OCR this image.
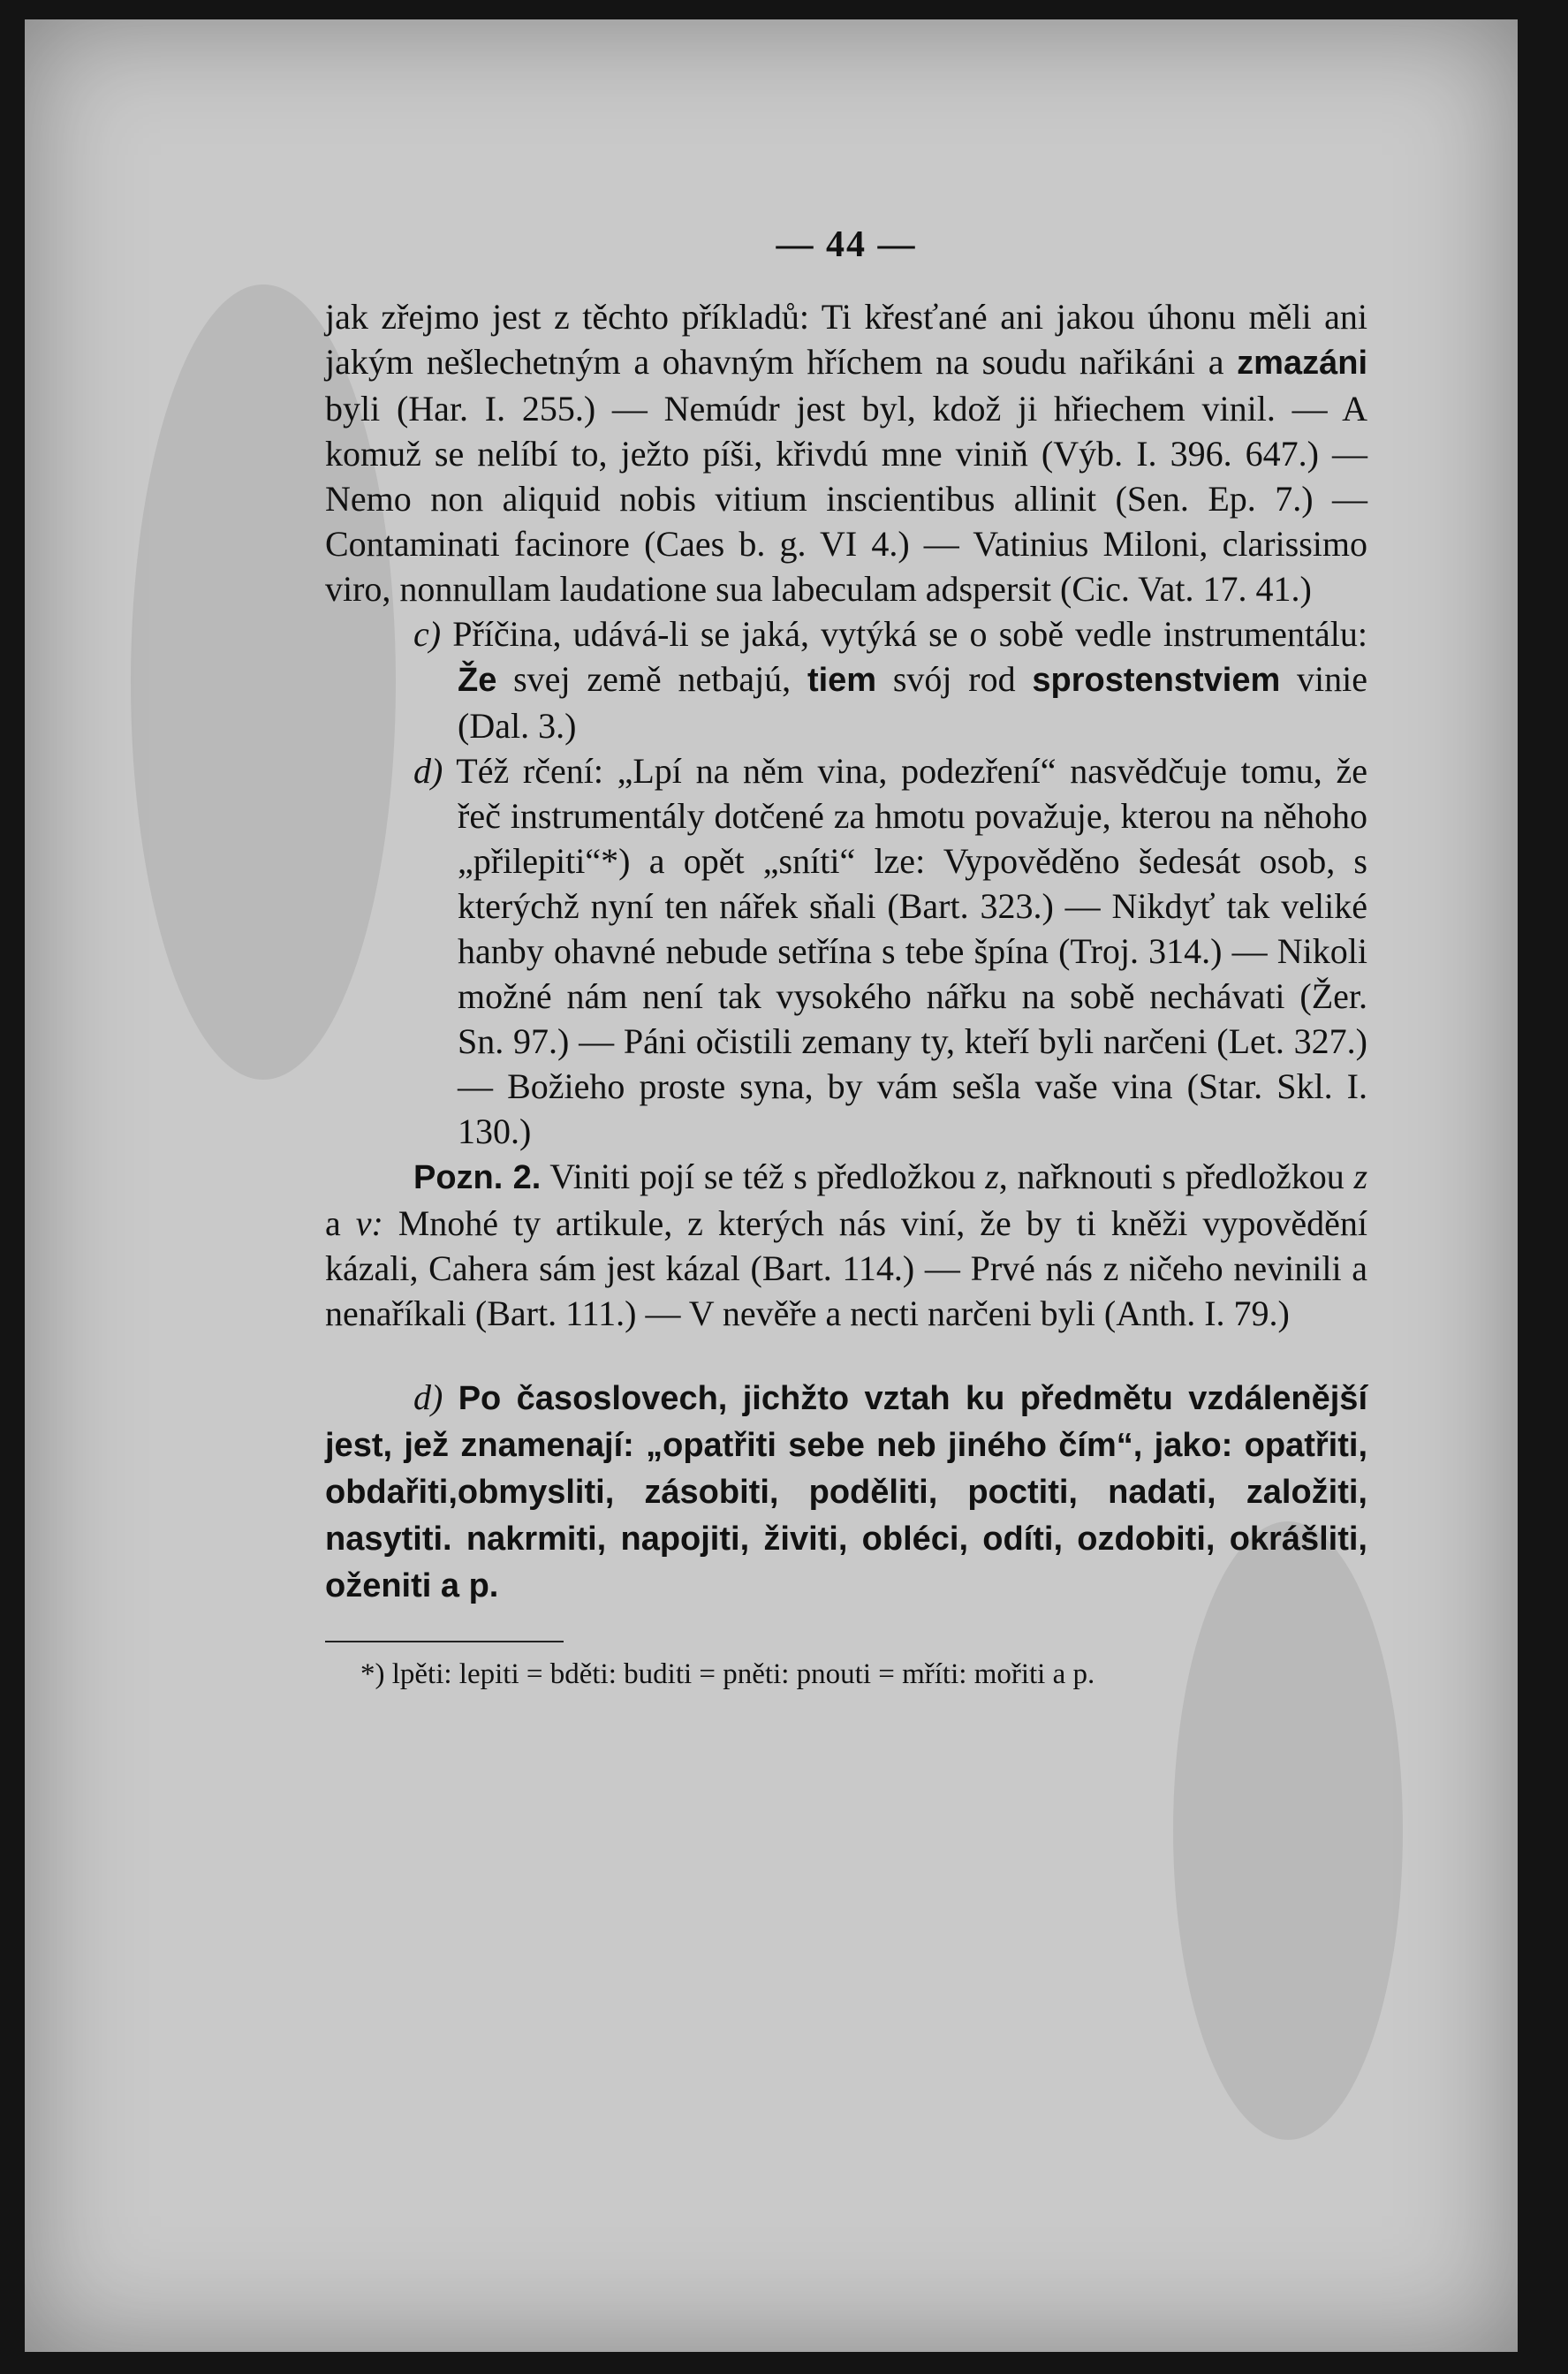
— 44 —

jak zřejmo jest z těchto příkladů: Ti křesťané ani jakou úhonu měli ani jakým nešlechetným a ohavným hříchem na soudu nařikáni a zmazáni byli (Har. I. 255.) — Nemúdr jest byl, kdož ji hřiechem vinil. — A komuž se nelíbí to, ježto píši, křivdú mne viniň (Výb. I. 396. 647.) — Nemo non aliquid nobis vitium inscientibus allinit (Sen. Ep. 7.) — Contaminati facinore (Caes b. g. VI 4.) — Vatinius Miloni, clarissimo viro, nonnullam laudatione sua labeculam adspersit (Cic. Vat. 17. 41.)

c) Příčina, udává-li se jaká, vytýká se o sobě vedle instrumentálu: Že svej země netbajú, tiem svój rod sprostenstviem vinie (Dal. 3.)

d) Též rčení: „Lpí na něm vina, podezření“ nasvědčuje tomu, že řeč instrumentály dotčené za hmotu považuje, kterou na něhoho „přilepiti“*) a opět „sníti“ lze: Vypověděno šedesát osob, s kterýchž nyní ten nářek sňali (Bart. 323.) — Nikdyť tak veliké hanby ohavné nebude setřína s tebe špína (Troj. 314.) — Nikoli možné nám není tak vysokého nářku na sobě nechávati (Žer. Sn. 97.) — Páni očistili zemany ty, kteří byli narčeni (Let. 327.) — Božieho proste syna, by vám sešla vaše vina (Star. Skl. I. 130.)

Pozn. 2. Viniti pojí se též s předložkou z, nařknouti s předložkou z a v: Mnohé ty artikule, z kterých nás viní, že by ti kněži vypovědění kázali, Cahera sám jest kázal (Bart. 114.) — Prvé nás z ničeho nevinili a nenaříkali (Bart. 111.) — V nevěře a necti narčeni byli (Anth. I. 79.)

d) Po časoslovech, jichžto vztah ku předmětu vzdálenější jest, jež znamenají: „opatřiti sebe neb jiného čím“, jako: opatřiti, obdařiti,obmysliti, zásobiti, poděliti, poctiti, nadati, založiti, nasytiti. nakrmiti, napojiti, živiti, obléci, odíti, ozdobiti, okrášliti, oženiti a p.

*) lpěti: lepiti = bděti: buditi = pněti: pnouti = mříti: mořiti a p.
